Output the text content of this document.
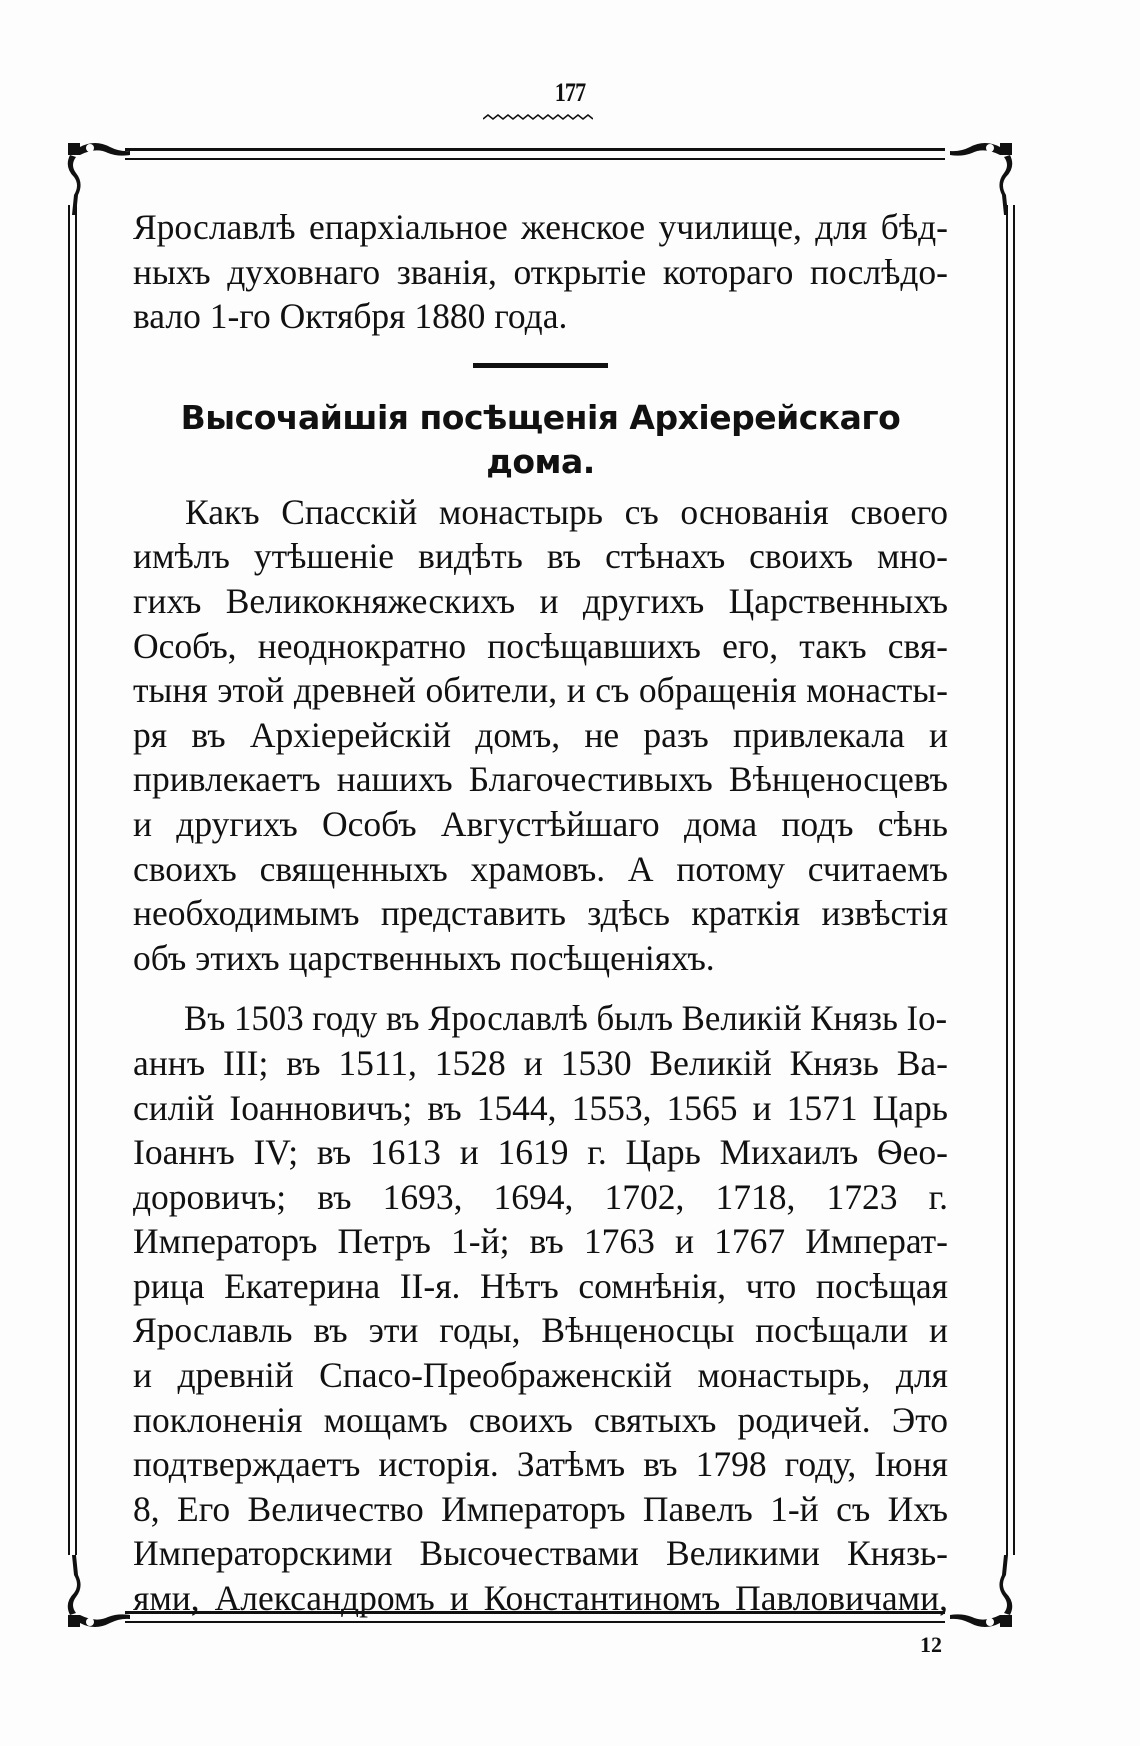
177
Ярославлѣ епархіальное женское училище, для бѣд-
ныхъ духовнаго званія, открытіе котораго послѣдо-
вало 1-го Октября 1880 года.
Высочайшія посѣщенія Архіерейскаго
дома.
Какъ Спасскій монастырь съ основанія своего
имѣлъ утѣшеніе видѣть въ стѣнахъ своихъ мно-
гихъ Великокняжескихъ и другихъ Царственныхъ
Особъ, неоднократно посѣщавшихъ его, такъ свя-
тыня этой древней обители, и съ обращенія монасты-
ря въ Архіерейскій домъ, не разъ привлекала и
привлекаетъ нашихъ Благочестивыхъ Вѣнценосцевъ
и другихъ Особъ Августѣйшаго дома подъ сѣнь
своихъ священныхъ храмовъ. А потому считаемъ
необходимымъ представить здѣсь краткія извѣстія
объ этихъ царственныхъ посѣщеніяхъ.
Въ 1503 году въ Ярославлѣ былъ Великій Князь Іо-
аннъ III; въ 1511, 1528 и 1530 Великій Князь Ва-
силій Іоанновичъ; въ 1544, 1553, 1565 и 1571 Царь
Іоаннъ IV; въ 1613 и 1619 г. Царь Михаилъ Ѳео-
доровичъ; въ 1693, 1694, 1702, 1718, 1723 г.
Императоръ Петръ 1-й; въ 1763 и 1767 Императ-
рица Екатерина II-я. Нѣтъ сомнѣнія, что посѣщая
Ярославль въ эти годы, Вѣнценосцы посѣщали и
и древній Спасо-Преображенскій монастырь, для
поклоненія мощамъ своихъ святыхъ родичей. Это
подтверждаетъ исторія. Затѣмъ въ 1798 году, Іюня
8, Его Величество Императоръ Павелъ 1-й съ Ихъ
Императорскими Высочествами Великими Князь-
ями, Александромъ и Константиномъ Павловичами,
12
